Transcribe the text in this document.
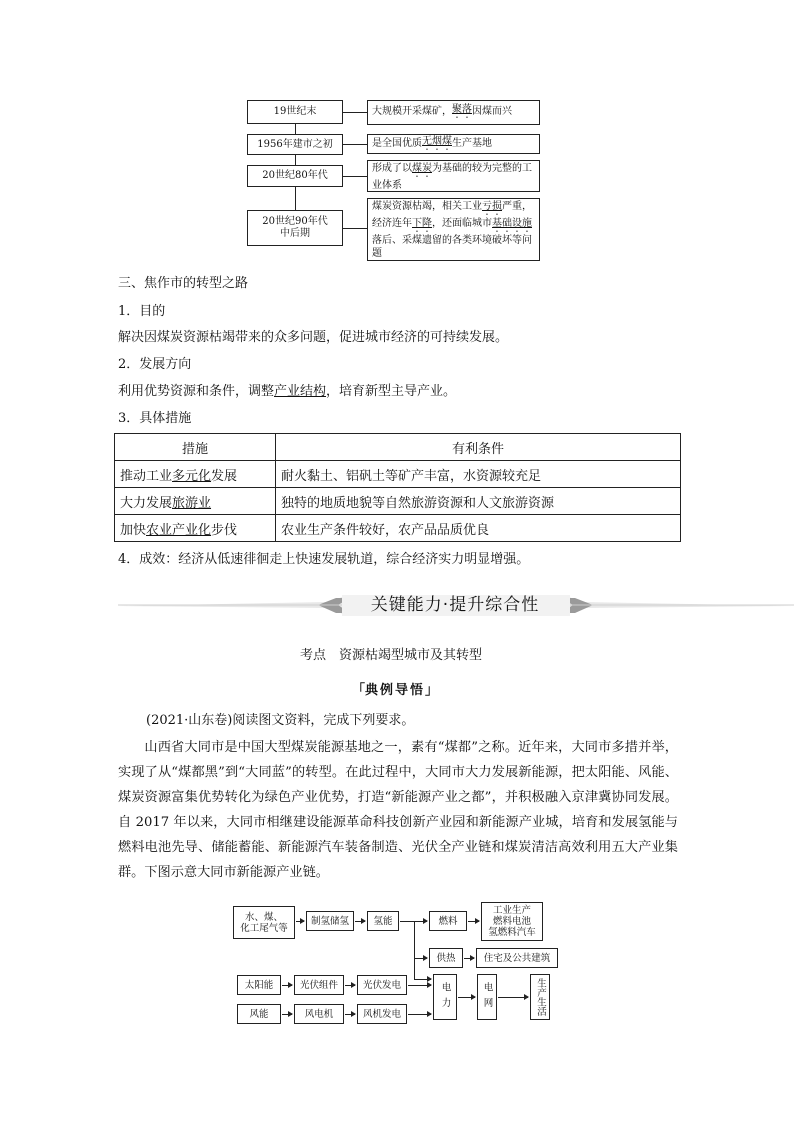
19世纪末
1956年建市之初
20世纪80年代
20世纪90年代中后期
大规模开采煤矿， 聚落 因煤而兴
是全国优质 无烟煤 生产基地
形成了以煤炭为基础的较为完整的工业体系
煤炭资源枯竭，相关工业亏损严重，经济连年下降，还面临城市基础设施落后、采煤遗留的各类环境破坏等问题
三、焦作市的转型之路
1．目的
解决因煤炭资源枯竭带来的众多问题，促进城市经济的可持续发展。
2．发展方向
利用优势资源和条件，调整产业结构，培育新型主导产业。
3．具体措施
措施	有利条件
推动工业多元化发展	耐火黏土、铝矾土等矿产丰富，水资源较充足
大力发展旅游业	独特的地质地貌等自然旅游资源和人文旅游资源
加快农业产业化步伐	农业生产条件较好，农产品品质优良
4．成效：经济从低速徘徊走上快速发展轨道，综合经济实力明显增强。
关键能力·提升综合性
考点　资源枯竭型城市及其转型
「典例导悟」
(2021·山东卷)阅读图文资料，完成下列要求。
山西省大同市是中国大型煤炭能源基地之一，素有“煤都”之称。近年来，大同市多措并举，实现了从“煤都黑”到“大同蓝”的转型。在此过程中，大同市大力发展新能源，把太阳能、风能、煤炭资源富集优势转化为绿色产业优势，打造“新能源产业之都”，并积极融入京津冀协同发展。自 2017 年以来，大同市相继建设能源革命科技创新产业园和新能源产业城，培育和发展氢能与燃料电池先导、储能蓄能、新能源汽车装备制造、光伏全产业链和煤炭清洁高效利用五大产业集群。下图示意大同市新能源产业链。
水、煤、
化工尾气等
制氢储氢	氢能	燃料
工业生产
燃料电池
氢燃料汽车
供热	住宅及公共建筑
太阳能	光伏组件	光伏发电
风能	风电机	风机发电
电力	电网	生产生活
